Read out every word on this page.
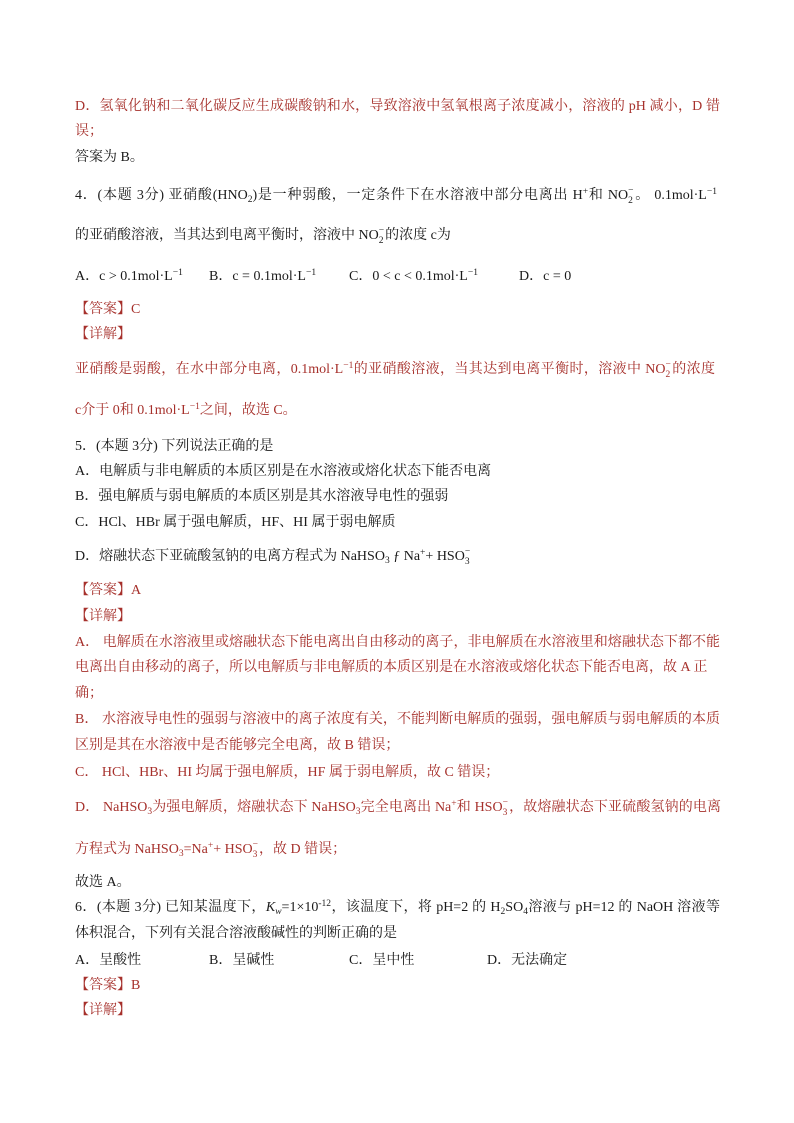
D．氢氧化钠和二氧化碳反应生成碳酸钠和水，导致溶液中氢氧根离子浓度减小，溶液的 pH 减小，D 错
误；
答案为 B。
4．(本题 3分) 亚硝酸$(HNO_2)$是一种弱酸，一定条件下在水溶液中部分电离出 H+和 NO −
2 。 $0.1mol\cdot L^{-1}$
的亚硝酸溶液，当其达到电离平衡时，溶液中 NO −
2 的浓度 c为
A．$c > 0.1mol\cdot L^{-1}$ B．$c = 0.1mol\cdot L^{-1}$ C．$0 < c < 0.1mol\cdot L^{-1}$	D．c = 0
【答案】C
【详解】
亚硝酸是弱酸，在水中部分电离，$0.1mol\cdot L^{-1}$的亚硝酸溶液，当其达到电离平衡时，溶液中 NO −
2 的浓度
c介于 0和 $0.1mol\cdot L^{-1}$之间，故选 C。
5．(本题 3分) 下列说法正确的是
A．电解质与非电解质的本质区别是在水溶液或熔化状态下能否电离
B．强电解质与弱电解质的本质区别是其水溶液导电性的强弱
C．HCl、HBr 属于强电解质，HF、HI 属于弱电解质
D．熔融状态下亚硫酸氢钠的电离方程式为 NaHSO$_3$ ƒ Na++ HSO −
3
【答案】A
【详解】
A． 电解质在水溶液里或熔融状态下能电离出自由移动的离子，非电解质在水溶液里和熔融状态下都不能
电离出自由移动的离子，所以电解质与非电解质的本质区别是在水溶液或熔化状态下能否电离，故 A 正
确；
B． 水溶液导电性的强弱与溶液中的离子浓度有关，不能判断电解质的强弱，强电解质与弱电解质的本质
区别是其在水溶液中是否能够完全电离，故 B 错误；
C． HCl、HBr、HI 均属于强电解质，HF 属于弱电解质，故 C 错误；
D． NaHSO$_3$为强电解质，熔融状态下 NaHSO$_3$完全电离出 Na+和 HSO −
3 ，故熔融状态下亚硫酸氢钠的电离
方程式为 NaHSO$_3$=Na++ HSO −
3 ，故 D 错误；
故选 A。
6．(本题 3分) 已知某温度下，$K_w=1\times 10^{-12}$，该温度下，将 pH=2 的 $H_2SO_4$溶液与 pH=12 的 NaOH 溶液等
体积混合，下列有关混合溶液酸碱性的判断正确的是
A．呈酸性	B．呈碱性	C．呈中性	D．无法确定
【答案】B
【详解】
